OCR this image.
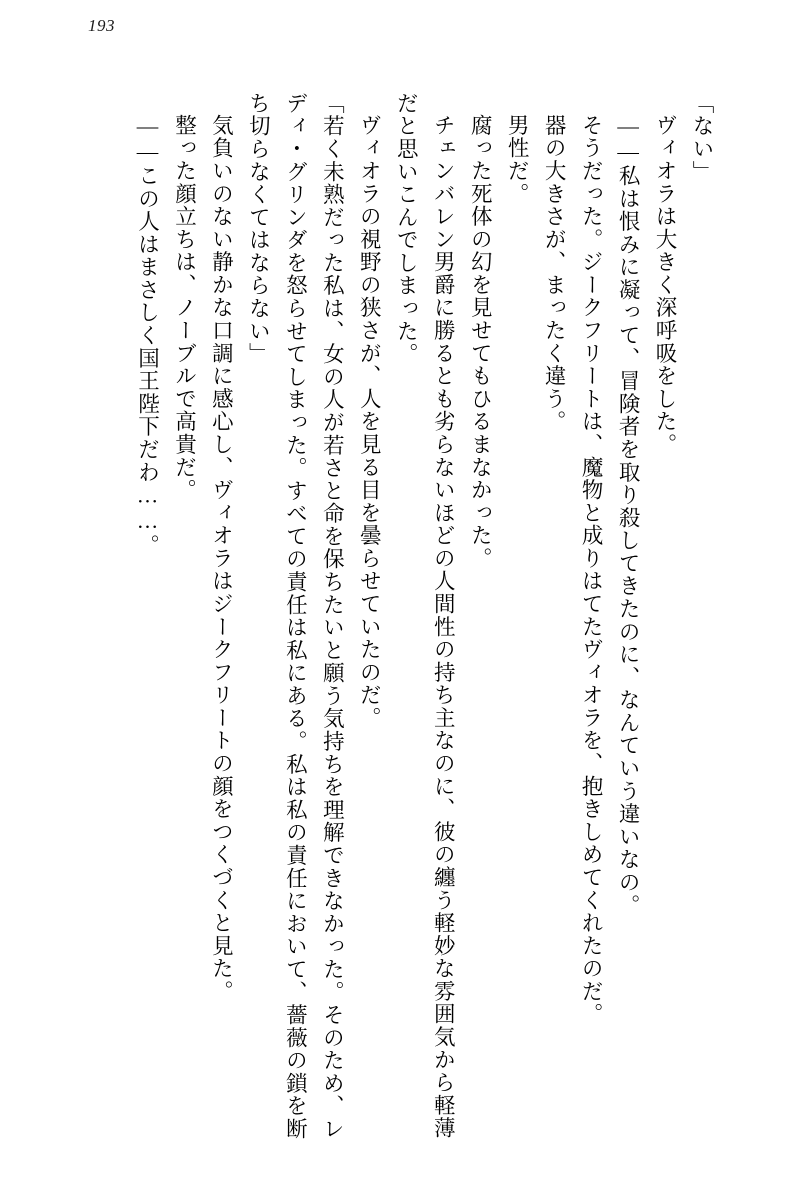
193

「ない」

ヴィオラは大きく深呼吸をした。

――私は恨みに凝って、冒険者を取り殺してきたのに、なんていう違いなの。

そうだった。ジークフリートは、魔物と成りはてたヴィオラを、抱きしめてくれたのだ。

器の大きさが、まったく違う。

男性だ。

腐った死体の幻を見せてもひるまなかった。

チェンバレン男爵に勝るとも劣らないほどの人間性の持ち主なのに、彼の纏う軽妙な雰囲気から軽薄だと思いこんでしまった。

ヴィオラの視野の狭さが、人を見る目を曇らせていたのだ。

「若く未熟だった私は、女の人が若さと命を保ちたいと願う気持ちを理解できなかった。そのため、レディ・グリンダを怒らせてしまった。すべての責任は私にある。私は私の責任において、薔薇の鎖を断ち切らなくてはならない」

気負いのない静かな口調に感心し、ヴィオラはジークフリートの顔をつくづくと見た。

整った顔立ちは、ノーブルで高貴だ。

――この人はまさしく国王陛下だわ……。
